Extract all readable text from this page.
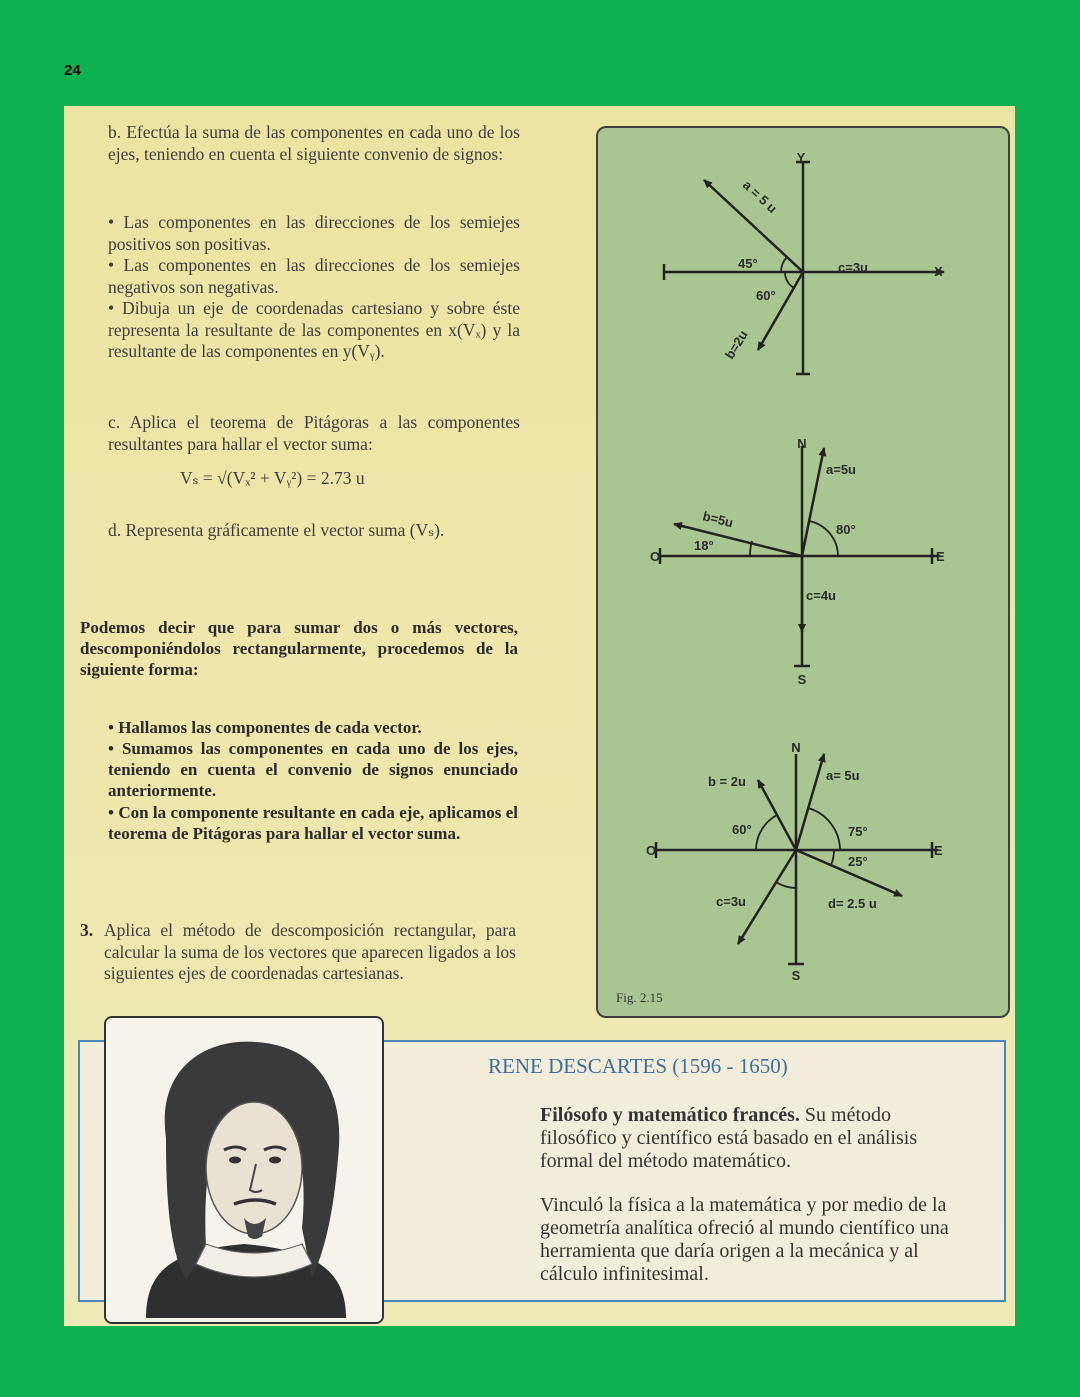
24
b. Efectúa la suma de las componentes en cada uno de los ejes, teniendo en cuenta el siguiente convenio de signos:
• Las componentes en las direcciones de los semiejes positivos son positivas.
• Las componentes en las direcciones de los semiejes negativos son negativas.
• Dibuja un eje de coordenadas cartesiano y sobre éste representa la resultante de las componentes en x(Vₓ) y la resultante de las componentes en y(Vᵧ).
c. Aplica el teorema de Pitágoras a las componentes resultantes para hallar el vector suma:
Vₛ = √(Vₓ² + Vᵧ²) = 2.73 u
d. Representa gráficamente el vector suma (Vₛ).
Podemos decir que para sumar dos o más vectores, descomponiéndolos rectangularmente, procedemos de la siguiente forma:
• Hallamos las componentes de cada vector.
• Sumamos las componentes en cada uno de los ejes, teniendo en cuenta el convenio de signos enunciado anteriormente.
• Con la componente resultante en cada eje, aplicamos el teorema de Pitágoras para hallar el vector suma.
3. Aplica el método de descomposición rectangular, para calcular la suma de los vectores que aparecen ligados a los siguientes ejes de coordenadas cartesianas.
Y
X
45°
60°
c=3u
a = 5 u
b=2u
N
S
E
O
a=5u
b=5u
c=4u
80°
18°
N
S
E
O
a= 5u
b = 2u
c=3u	d= 2.5 u
60°	75°
25°
Fig. 2.15
RENE DESCARTES (1596 - 1650)
Filósofo y matemático francés. Su método filosófico y científico está basado en el análisis formal del método matemático.
Vinculó la física a la matemática y por medio de la geometría analítica ofreció al mundo científico una herramienta que daría origen a la mecánica y al cálculo infinitesimal.
